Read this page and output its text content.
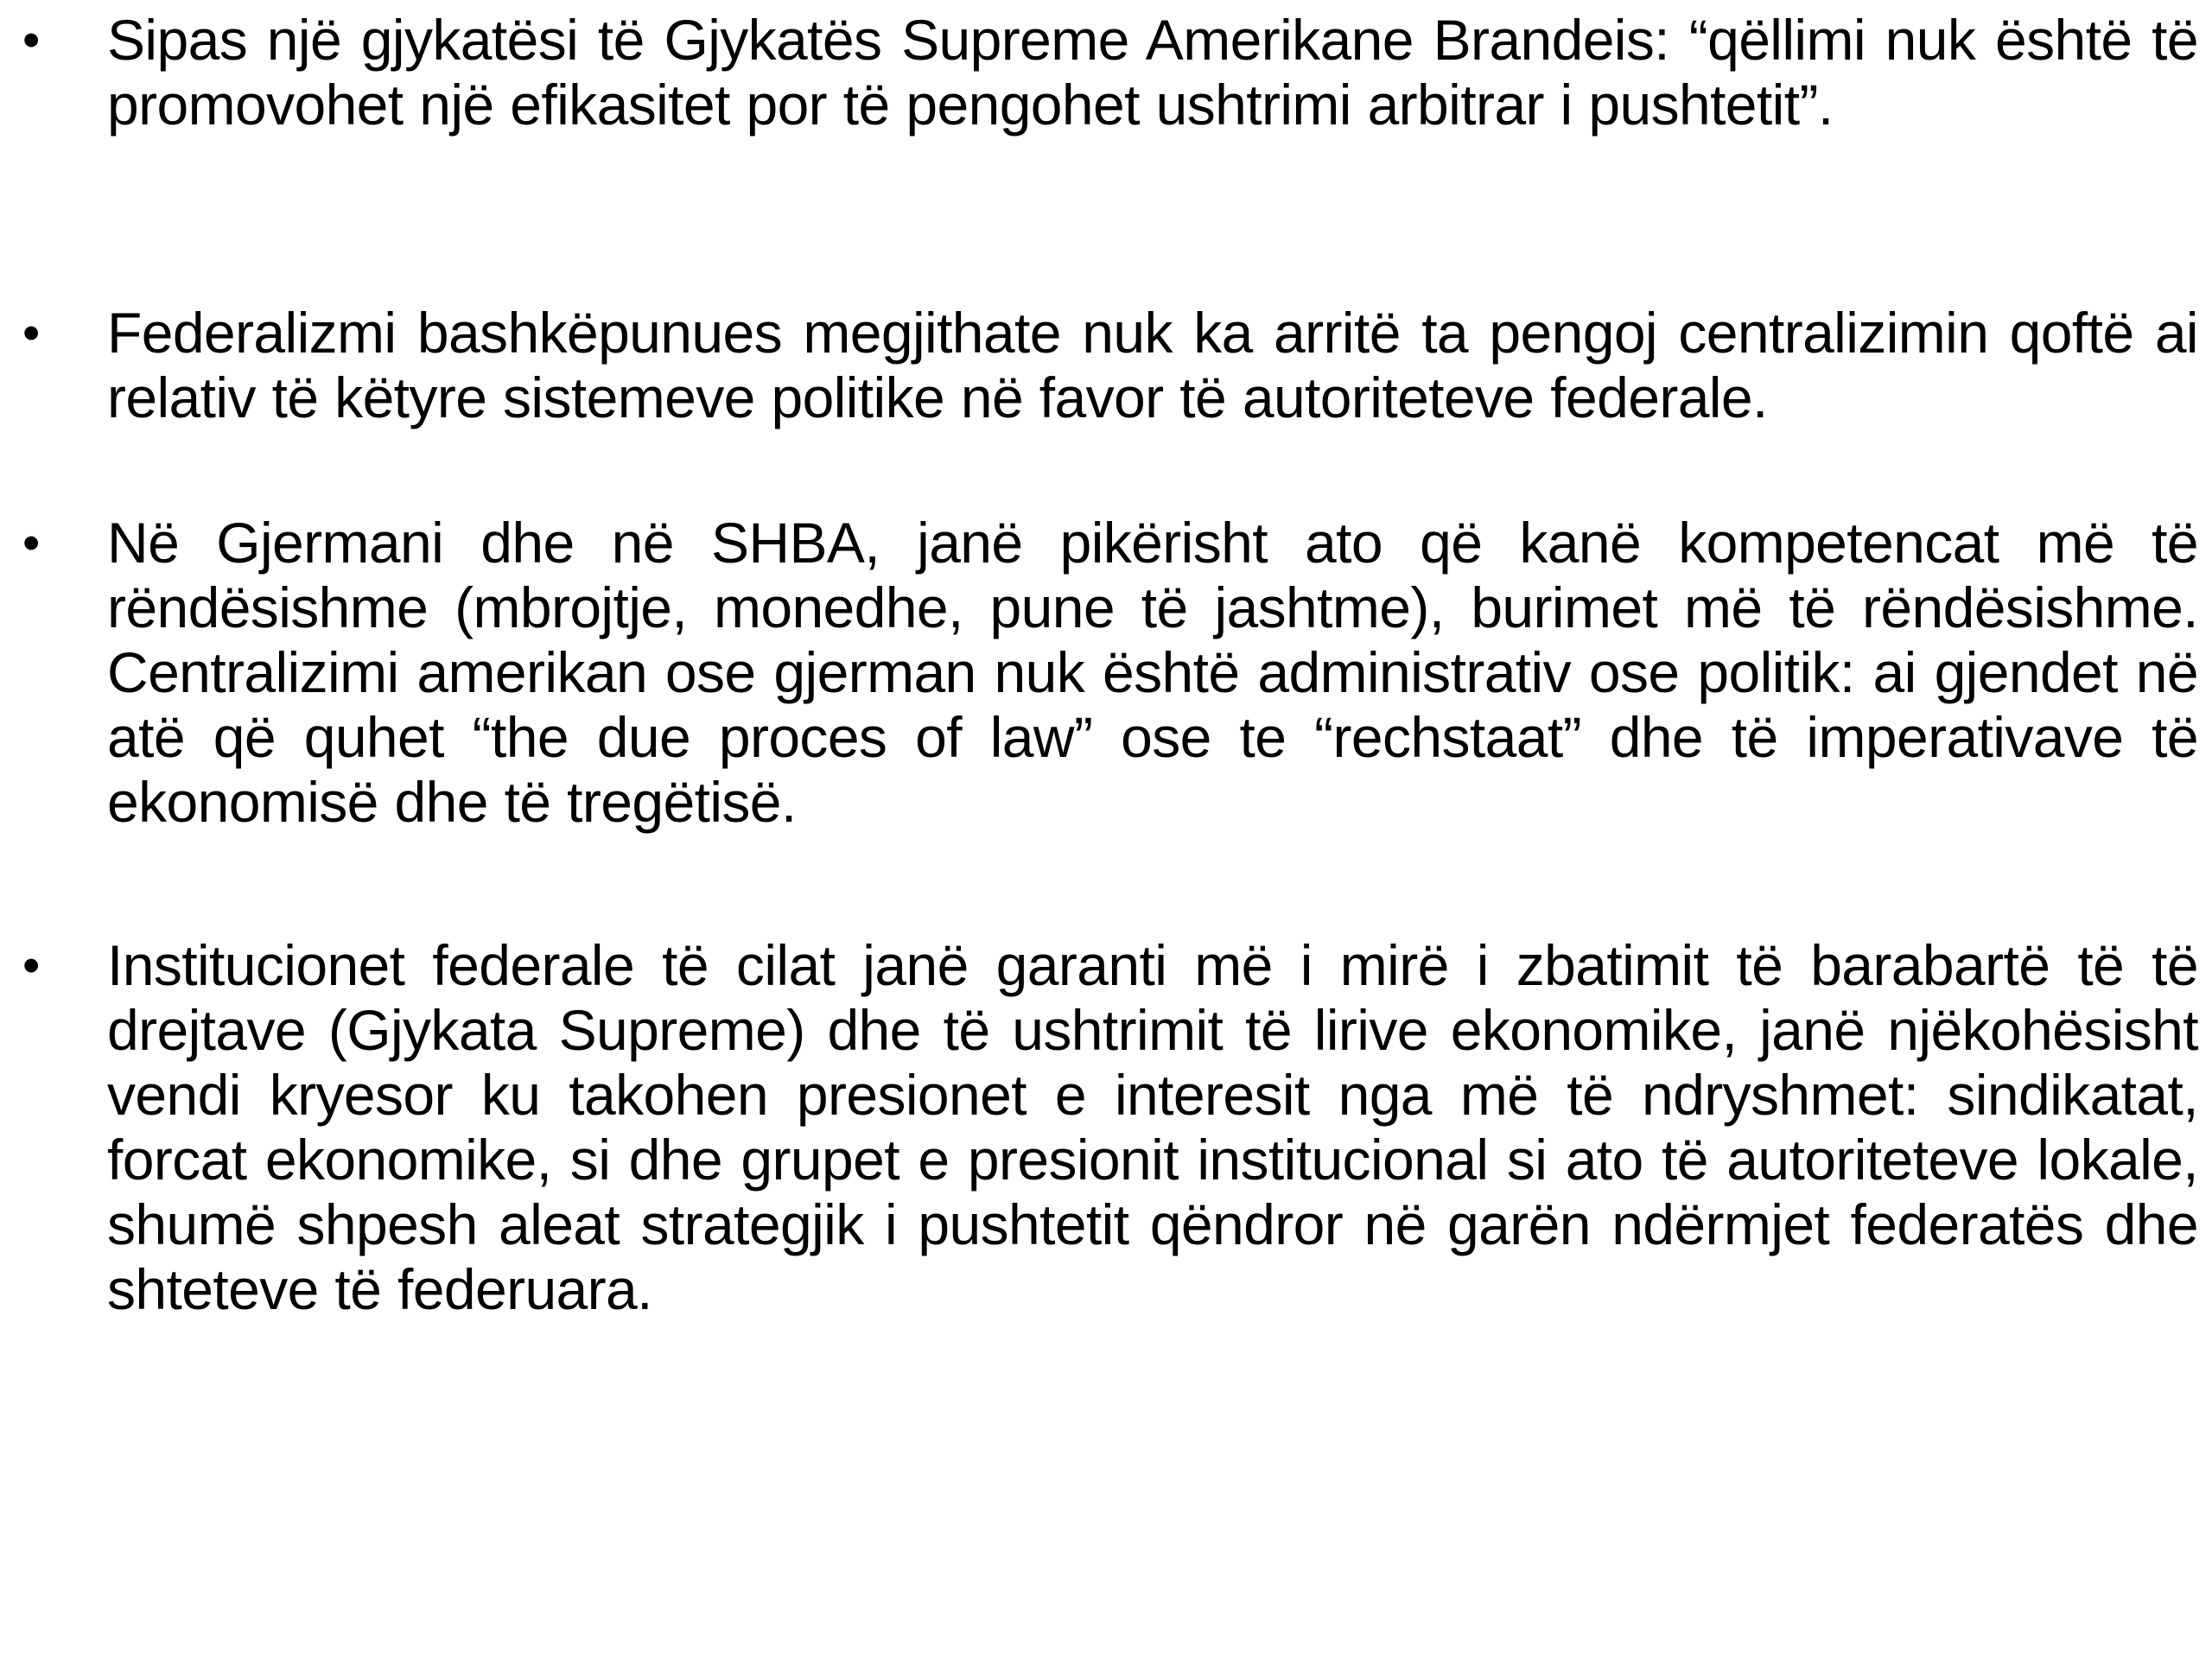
• Sipas një gjykatësi të Gjykatës Supreme Amerikane Brandeis: “qëllimi nuk është të promovohet një efikasitet por të pengohet ushtrimi arbitrar i pushtetit”.
• Federalizmi bashkëpunues megjithate nuk ka arritë ta pengoj centralizimin qoftë ai relativ të këtyre sistemeve politike në favor të autoriteteve federale.
• Në Gjermani dhe në SHBA, janë pikërisht ato që kanë kompetencat më të rëndësishme (mbrojtje, monedhe, pune të jashtme), burimet më të rëndësishme. Centralizimi amerikan ose gjerman nuk është administrativ ose politik: ai gjendet në atë që quhet “the due proces of law” ose te “rechstaat” dhe të imperativave të ekonomisë dhe të tregëtisë.
• Institucionet federale të cilat janë garanti më i mirë i zbatimit të barabartë të të drejtave (Gjykata Supreme) dhe të ushtrimit të lirive ekonomike, janë njëkohësisht vendi kryesor ku takohen presionet e interesit nga më të ndryshmet: sindikatat, forcat ekonomike, si dhe grupet e presionit institucional si ato të autoriteteve lokale, shumë shpesh aleat strategjik i pushtetit qëndror në garën ndërmjet federatës dhe shteteve të federuara.
